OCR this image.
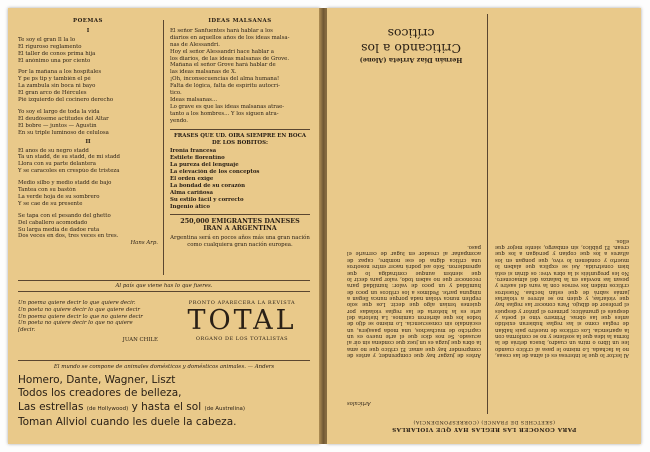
POEMAS
I
Te soy el gran Il la lo
El riguroso reglamento
El taller de conos prima hija
El anónimo una por ciento
Por la mañana a los hospitales
Y pe ps tip y también el pé
La zambula sin boca ni bayo
El gran arco de Hércules
Pié izquierdo del cocinero derecho
Yo soy el largo de toda la vida
El deudóseme actitudes del Altar
El bobre — juntos — Agustín
En su triple luminoso de celulosa
II
El anos de su negro stadd
Ta un stadd, de su stadd, de mi stadd
Llora con su parte delantera
Y se caracoles en crespúo de tristeza
Medio silbo y medio stadd de bajo
Tantea con su bastón
La verde hoja de su sombrero
Y se cae de su presente
Se tapa con el pesando del ghetto
Del caballero acomodado
Su larga media de dadoe ruta
Dos veces en dos, tres veces en tres.
Hans Arp.
IDEAS MALSANAS
El señor Sanfuentes hará hablar a los
diarios en aquellos años de los ideas malsa-
nas de Alessandri.
Hoy el señor Alessandri hace hablar a
los diarios, de las ideas malsanas de Grove.
Mañana el señor Grove hará hablar de
las ideas malsanas de X.
¡Oh, inconsecuencias del alma humana!
Falta de lógica, falta de espíritu autocrí-
tico.
Ideas malsanas...
Lo grave es que las ideas malsanas atrae-
tanto a los hombres... Y los siguen atra-
yendo.
FRASES QUE UD. OIRA SIEMPRE EN BOCA DE LOS BOBITOS:
Ironia francesa
Estilete florentino
La pureza del lenguaje
La elevación de los conceptos
El orden exige
La bondad de su corazón
Alma cariñosa
Su estilo fácil y correcto
Ingenio ático
250,000 EMIGRANTES DANESES IRAN A ARGENTINA
Argentina será en pocos años más una gran nación como cualquiera gran nación europea.
Al país que viene has lo que fueres.
Un poema quiere decir lo que quiere decir.
Un poeta no quiere decir lo que quiere decir
Un poema quiere decir lo que no quiere decir
Un poeta no quiere decir lo que no quiere
[decir.
JUAN CHILE
PRONTO APARECERA LA REVISTA
TOTAL
ORGANO DE LOS TOTALISTAS
El mundo se compone de animales domésticos y domésticos animales. — Anders
Homero, Dante, Wagner, Liszt
Todos los creadores de belleza,
Las estrellas (de Hollywood) y hasta el sol (de Austrelina)
Toman Allviol cuando les duele la cabeza.
PARA CONOCER LAS REGLAS HAY QUE VIOLARLAS
(SKETCHES DE FRANCE) (CORRESPONDENCIA)
Artículos
Al lector lo que le interesa es el alma de las cosas, no la fachada. Lo mismo le pasa al crítico cuando lee un libro o mira un cuadro, busca detrás de la forma la idea que la sostiene y no se conforma con la apariencia. Los críticos de nuestro país hablan de reglas como si las reglas hubieran existido antes que las obras. Primero vino el poeta y después el gramático; primero el pintor y después el profesor de dibujo. Para conocer las reglas hay que violarlas, y quien no se atreve a violarlas jamás sabrá de qué están hechas. Nuestros críticos miden los versos con la vara del sastre y pesan las novelas en la balanza del almacenero. No les preguntéis si la obra vive: os dirán si está bien construida. Así se explica que alaben lo muerto y condenen lo vivo, que pongan en los altares a los que copian y persigan a los que crean. El público, sin embargo, siente mejor que ellos.
Antes de juzgar hay que comprender, y antes de comprender hay que amar. El crítico que no ama la obra que juzga es un juez que condena sin oír al acusado. Se nos dice que el arte nuevo es un capricho de muchachos, una moda pasajera, un escándalo sin consecuencia. Lo mismo se dijo de todos los que abrieron caminos. La historia del arte es la historia de las reglas violadas por quienes tenían algo que decir. Los que solo repiten nunca violan nada porque nunca llegan a ninguna parte. Pedimos a los críticos un poco de humildad y un poco de valor: humildad para reconocer que no saben todo, valor para decir lo que sienten aunque contradiga lo que aprendieron. Solo así podrá nacer entre nosotros una crítica digna de ese nombre, capaz de acompañar al creador en lugar de cerrarle el paso.
Hernán Díaz Arrieta (Alone)
Criticando a los críticos
